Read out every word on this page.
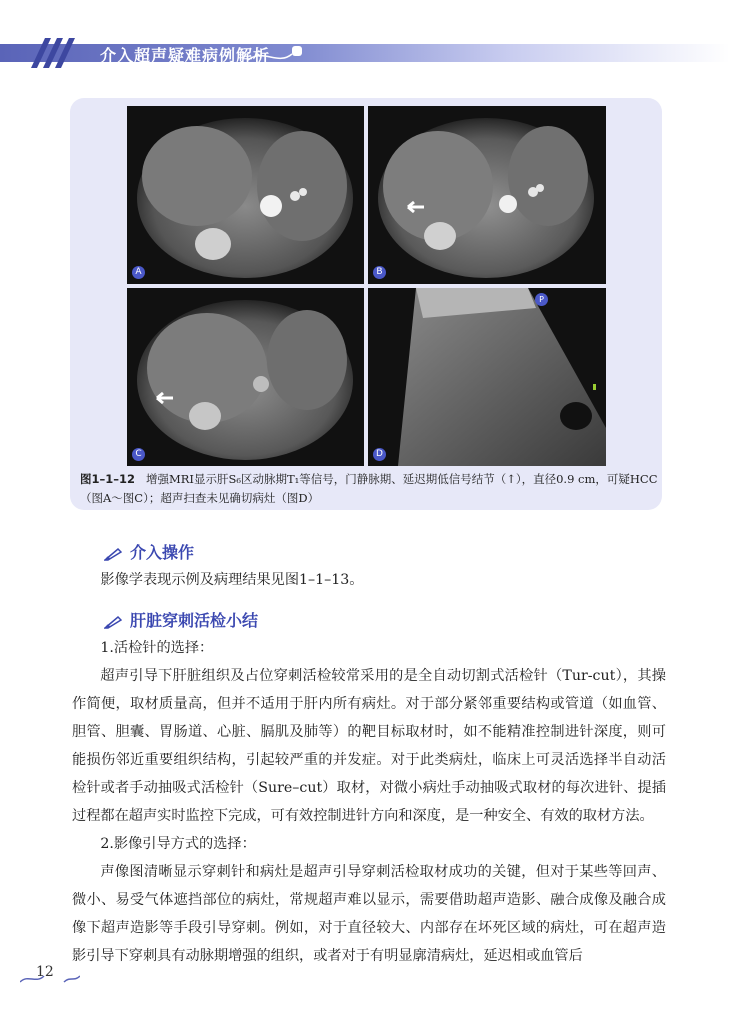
介入超声疑难病例解析
A	B
C
P
D
图1–1–12 增强MRI显示肝S₆区动脉期T₁等信号，门静脉期、延迟期低信号结节（↑），直径0.9 cm，可疑HCC（图A～图C）；超声扫查未见确切病灶（图D）
介入操作

影像学表现示例及病理结果见图1–1–13。

肝脏穿刺活检小结

1.活检针的选择：

超声引导下肝脏组织及占位穿刺活检较常采用的是全自动切割式活检针（Tur-cut），其操作简便，取材质量高，但并不适用于肝内所有病灶。对于部分紧邻重要结构或管道（如血管、胆管、胆囊、胃肠道、心脏、膈肌及肺等）的靶目标取材时，如不能精准控制进针深度，则可能损伤邻近重要组织结构，引起较严重的并发症。对于此类病灶，临床上可灵活选择半自动活检针或者手动抽吸式活检针（Sure–cut）取材，对微小病灶手动抽吸式取材的每次进针、提插过程都在超声实时监控下完成，可有效控制进针方向和深度，是一种安全、有效的取材方法。

2.影像引导方式的选择：

声像图清晰显示穿刺针和病灶是超声引导穿刺活检取材成功的关键，但对于某些等回声、微小、易受气体遮挡部位的病灶，常规超声难以显示，需要借助超声造影、融合成像及融合成像下超声造影等手段引导穿刺。例如，对于直径较大、内部存在坏死区域的病灶，可在超声造影引导下穿刺具有动脉期增强的组织，或者对于有明显廓清病灶，延迟相或血管后

12
